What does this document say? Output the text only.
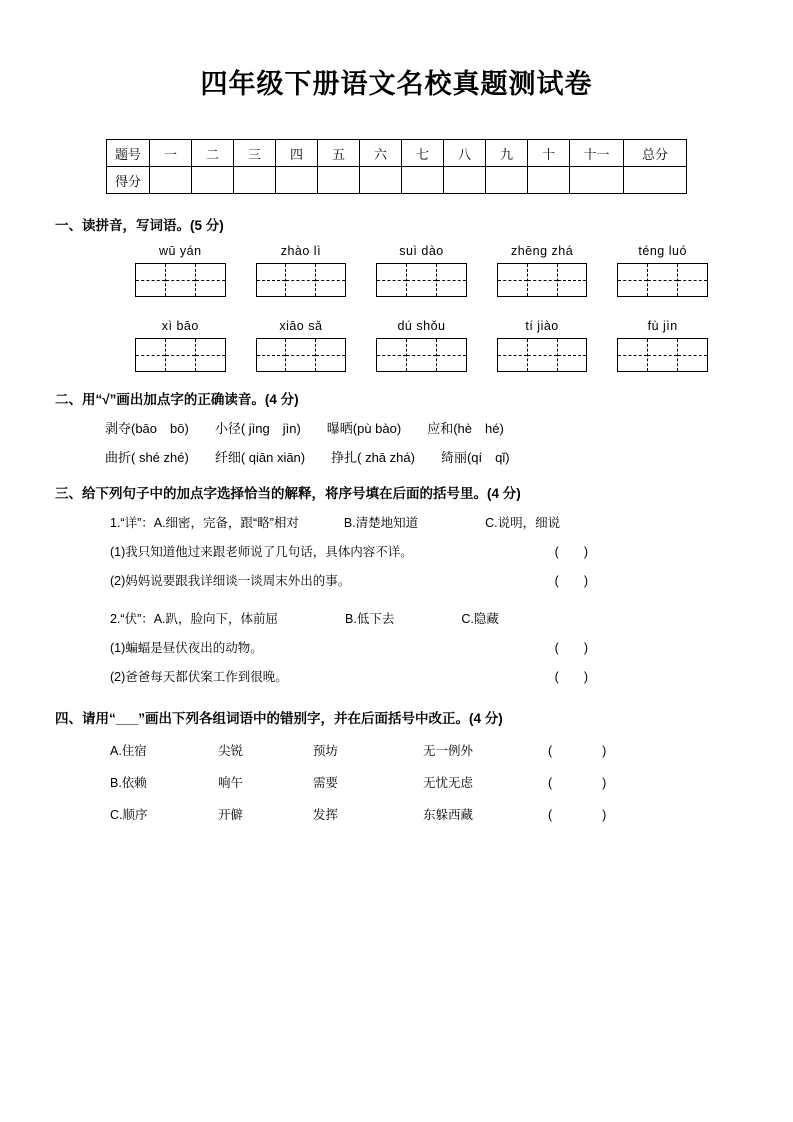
四年级下册语文名校真题测试卷
题号	一	二	三	四	五	六	七	八	九	十	十一	总分
得分												
一、读拼音，写词语。(5 分)
wū yán	zhào lì	suì dào	zhēng zhá	téng luó
xì bāo	xiāo sǎ	dú shǒu	tí jiào	fù jìn
二、用“√”画出加点字的正确读音。(4 分)
剥夺(bāo　bō) 小径( jìng　jìn) 曝晒(pù bào) 应和(hè　hé)
曲折( shé zhé) 纤细( qiān xiān) 挣扎( zhā zhá) 绮丽(qí　qǐ)
三、给下列句子中的加点字选择恰当的解释，将序号填在后面的括号里。(4 分)
1.“详”：A.细密，完备，跟“略”相对	B.清楚地知道	C.说明，细说
(1)我只知道他过来跟老师说了几句话，具体内容不详。	(　　)
(2)妈妈说要跟我详细谈一谈周末外出的事。	(　　)
2.“伏”：A.趴，脸向下，体前屈	B.低下去	C.隐藏
(1)蝙蝠是昼伏夜出的动物。	(　　)
(2)爸爸每天都伏案工作到很晚。	(　　)
四、请用“___”画出下列各组词语中的错别字，并在后面括号中改正。(4 分)
A.住宿	尖锐	预坊	无一例外	(　　　　)
B.依赖	响午	需要	无忧无虑	(　　　　)
C.顺序	开僻	发挥	东躲西藏	(　　　　)
